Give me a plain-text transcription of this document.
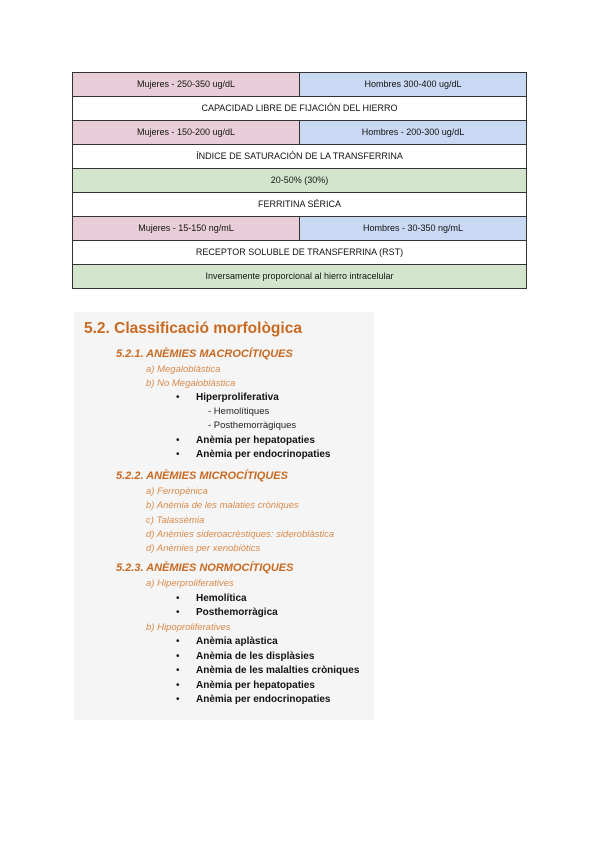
Mujeres - 250-350 ug/dL	Hombres 300-400 ug/dL
CAPACIDAD LIBRE DE FIJACIÓN DEL HIERRO	
Mujeres - 150-200 ug/dL	Hombres - 200-300 ug/dL
ÍNDICE DE SATURACIÓN DE LA TRANSFERRINA	
20-50% (30%)	
FERRITINA SÉRICA	
Mujeres - 15-150 ng/mL	Hombres - 30-350 ng/mL
RECEPTOR SOLUBLE DE TRANSFERRINA (RST)	
Inversamente proporcional al hierro intracelular	
5.2. Classificació morfològica
5.2.1. ANÈMIES MACROCÍTIQUES
a) Megaloblàstica
b) No Megaloblàstica
• Hiperproliferativa
- Hemolítiques
- Posthemorràgiques
• Anèmia per hepatopaties
• Anèmia per endocrinopaties
5.2.2. ANÈMIES MICROCÍTIQUES
a) Ferropènica
b) Anèmia de les malaties cròniques
c) Talassèmia
d) Anèmies sideroacrèstiques: sideroblàstica
d) Anèmies per xenobiòtics
5.2.3. ANÈMIES NORMOCÍTIQUES
a) Hiperproliferatives
• Hemolítica
• Posthemorràgica
b) Hipoproliferatives
• Anèmia aplàstica
• Anèmia de les displàsies
• Anèmia de les malalties cròniques
• Anèmia per hepatopaties
• Anèmia per endocrinopaties
